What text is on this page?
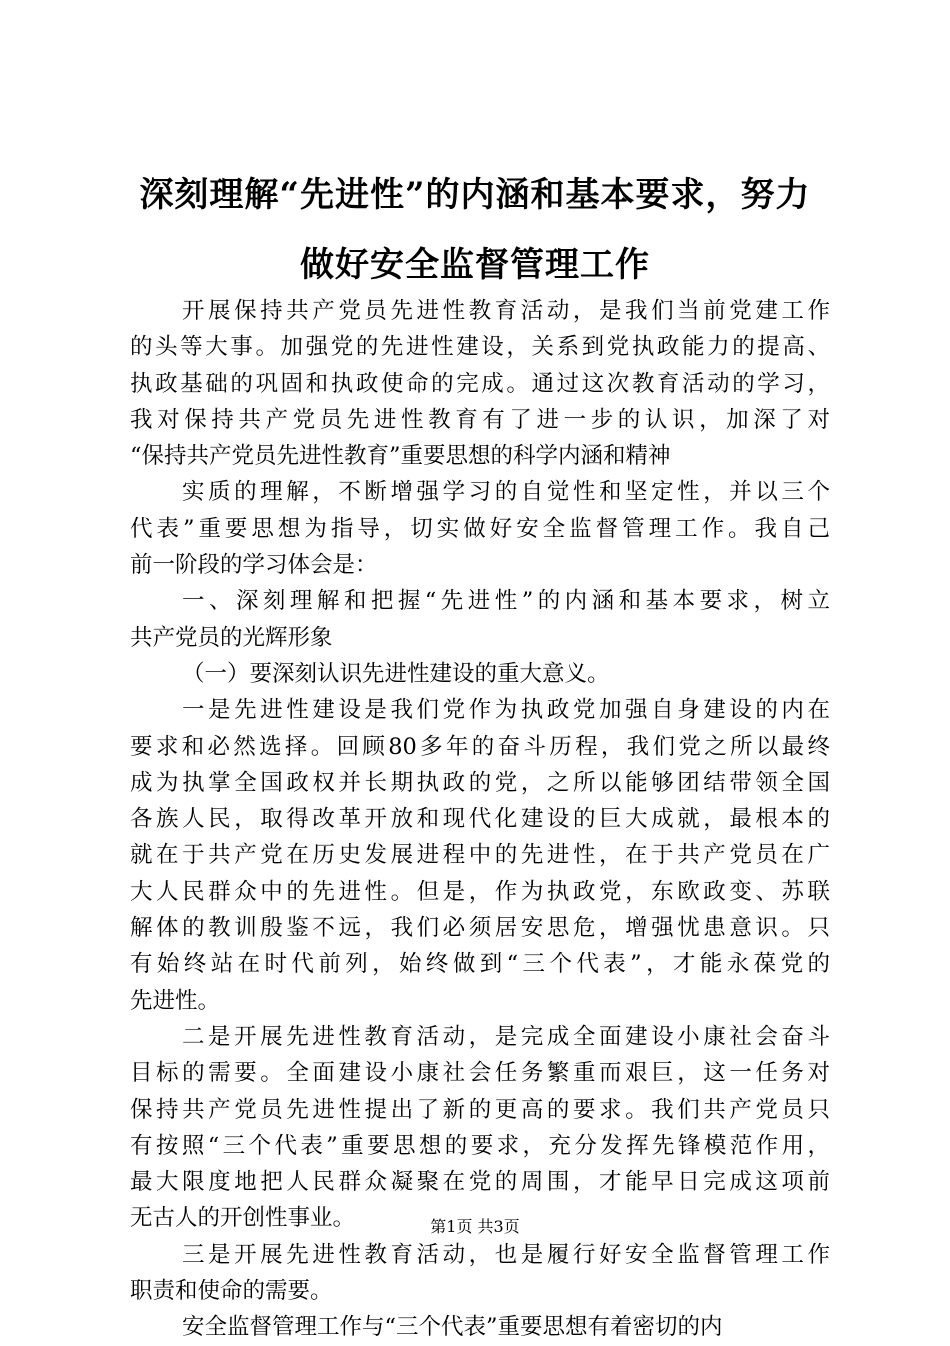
深刻理解“先进性”的内涵和基本要求，努力
做好安全监督管理工作
开展保持共产党员先进性教育活动，是我们当前党建工作
的头等大事。加强党的先进性建设，关系到党执政能力的提高、
执政基础的巩固和执政使命的完成。通过这次教育活动的学习，
我对保持共产党员先进性教育有了进一步的认识，加深了对
“保持共产党员先进性教育”重要思想的科学内涵和精神
实质的理解，不断增强学习的自觉性和坚定性，并以三个
代表”重要思想为指导，切实做好安全监督管理工作。我自己
前一阶段的学习体会是：
一、深刻理解和把握“先进性”的内涵和基本要求，树立
共产党员的光辉形象
（一）要深刻认识先进性建设的重大意义。
一是先进性建设是我们党作为执政党加强自身建设的内在
要求和必然选择。回顾80多年的奋斗历程，我们党之所以最终
成为执掌全国政权并长期执政的党，之所以能够团结带领全国
各族人民，取得改革开放和现代化建设的巨大成就，最根本的
就在于共产党在历史发展进程中的先进性，在于共产党员在广
大人民群众中的先进性。但是，作为执政党，东欧政变、苏联
解体的教训殷鉴不远，我们必须居安思危，增强忧患意识。只
有始终站在时代前列，始终做到“三个代表”，才能永葆党的
先进性。
二是开展先进性教育活动，是完成全面建设小康社会奋斗
目标的需要。全面建设小康社会任务繁重而艰巨，这一任务对
保持共产党员先进性提出了新的更高的要求。我们共产党员只
有按照“三个代表”重要思想的要求，充分发挥先锋模范作用，
最大限度地把人民群众凝聚在党的周围，才能早日完成这项前
无古人的开创性事业。
三是开展先进性教育活动，也是履行好安全监督管理工作
职责和使命的需要。
安全监督管理工作与“三个代表”重要思想有着密切的内
第1页 共3页
